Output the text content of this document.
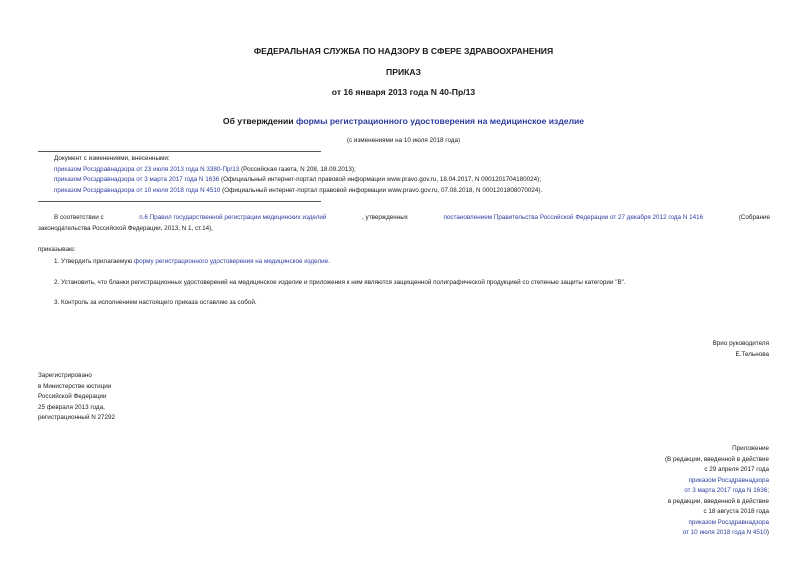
ФЕДЕРАЛЬНАЯ СЛУЖБА ПО НАДЗОРУ В СФЕРЕ ЗДРАВООХРАНЕНИЯ
ПРИКАЗ
от 16 января 2013 года N 40-Пр/13
Об утверждении формы регистрационного удостоверения на медицинское изделие
(с изменениями на 10 июля 2018 года)
Документ с изменениями, внесенными:
приказом Росздравнадзора от 23 июля 2013 года N 3380-Пр/13 (Российская газета, N 208, 18.09.2013);
приказом Росздравнадзора от 3 марта 2017 года N 1636 (Официальный интернет-портал правовой информации www.pravo.gov.ru, 18.04.2017, N 0001201704180024);
приказом Росздравнадзора от 10 июля 2018 года N 4510 (Официальный интернет-портал правовой информации www.pravo.gov.ru, 07.08.2018, N 0001201808070024).
В соответствии с	п.6 Правил государственной регистрации медицинских изделий	, утвержденных	постановлением Правительства Российской Федерации от 27 декабря 2012 года N 1416	(Собрание
законодательства Российской Федерации, 2013, N 1, ст.14),
приказываю:
1. Утвердить прилагаемую форму регистрационного удостоверения на медицинское изделие.
2. Установить, что бланки регистрационных удостоверений на медицинское изделие и приложения к ним являются защищенной полиграфической продукцией со степенью защиты категории "В".
3. Контроль за исполнением настоящего приказа оставляю за собой.
Врио руководителя
Е.Тельнова
Зарегистрировано
в Министерстве юстиции
Российской Федерации
25 февраля 2013 года,
регистрационный N 27292
Приложение
(В редакции, введенной в действие
с 29 апреля 2017 года
приказом Росздравнадзора
от 3 марта 2017 года N 1636;
в редакции, введенной в действие
с 18 августа 2018 года
приказом Росздравнадзора
от 10 июля 2018 года N 4510)
